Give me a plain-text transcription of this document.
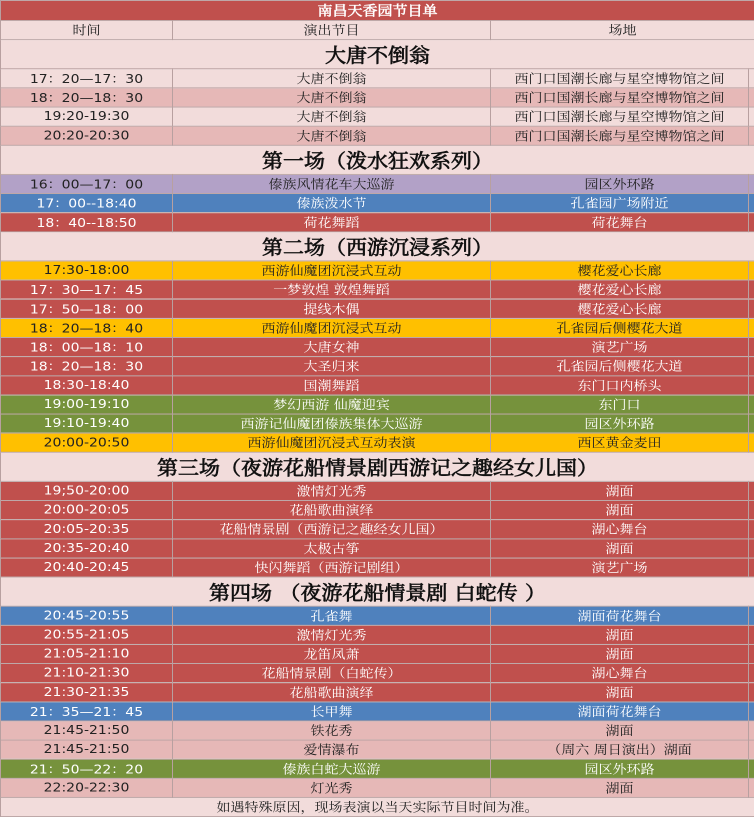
南昌天香园节目单			
时间	演出节目	场地	
大唐不倒翁			
17：20—17：30	大唐不倒翁	西门口国潮长廊与星空博物馆之间	
18：20—18：30	大唐不倒翁	西门口国潮长廊与星空博物馆之间	
19:20-19:30	大唐不倒翁	西门口国潮长廊与星空博物馆之间	
20:20-20:30	大唐不倒翁	西门口国潮长廊与星空博物馆之间	
第一场（泼水狂欢系列）			
16：00—17：00	傣族风情花车大巡游	园区外环路	
17：00--18:40	傣族泼水节	孔雀园广场附近	
18：40--18:50	荷花舞蹈	荷花舞台	
第二场（西游沉浸系列）			
17:30-18:00	西游仙魔团沉浸式互动	樱花爱心长廊	
17：30—17：45	一梦敦煌 敦煌舞蹈	樱花爱心长廊	
17：50—18：00	提线木偶	樱花爱心长廊	
18：20—18：40	西游仙魔团沉浸式互动	孔雀园后侧樱花大道	
18：00—18：10	大唐女神	演艺广场	
18：20—18：30	大圣归来	孔雀园后侧樱花大道	
18:30-18:40	国潮舞蹈	东门口内桥头	
19:00-19:10	梦幻西游 仙魔迎宾	东门口	
19:10-19:40	西游记仙魔团傣族集体大巡游	园区外环路	
20:00-20:50	西游仙魔团沉浸式互动表演	西区黄金麦田	
第三场（夜游花船情景剧西游记之趣经女儿国）			
19;50-20:00	激情灯光秀	湖面	
20:00-20:05	花船歌曲演绎	湖面	
20:05-20:35	花船情景剧（西游记之趣经女儿国）	湖心舞台	
20:35-20:40	太极古筝	湖面	
20:40-20:45	快闪舞蹈（西游记剧组）	演艺广场	
第四场 （夜游花船情景剧 白蛇传 ）			
20:45-20:55	孔雀舞	湖面荷花舞台	
20:55-21:05	激情灯光秀	湖面	
21:05-21:10	龙笛凤萧	湖面	
21:10-21:30	花船情景剧（白蛇传）	湖心舞台	
21:30-21:35	花船歌曲演绎	湖面	
21：35—21：45	长甲舞	湖面荷花舞台	
21:45-21:50	铁花秀	湖面	
21:45-21:50	爱情瀑布	（周六 周日演出）湖面	
21：50—22：20	傣族白蛇大巡游	园区外环路	
22:20-22:30	灯光秀	湖面	
如遇特殊原因，现场表演以当天实际节目时间为准。			
